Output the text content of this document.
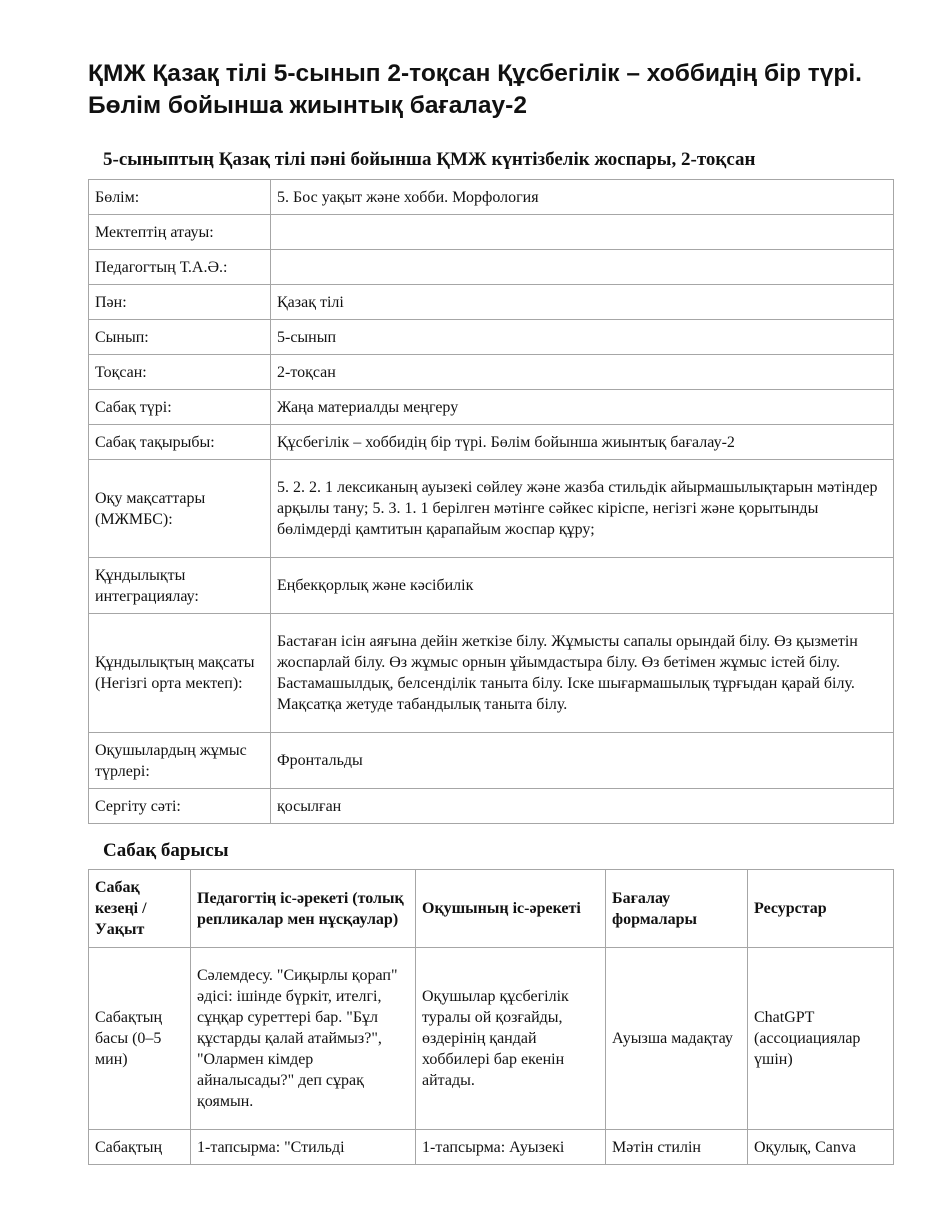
ҚМЖ Қазақ тілі 5-сынып 2-тоқсан Құсбегілік – хоббидің бір түрі. Бөлім бойынша жиынтық бағалау-2
5-сыныптың Қазақ тілі пәні бойынша ҚМЖ күнтізбелік жоспары, 2-тоқсан
Бөлім:	5. Бос уақыт және хобби. Морфология
Мектептің атауы:	
Педагогтың Т.А.Ә.:	
Пән:	Қазақ тілі
Сынып:	5-сынып
Тоқсан:	2-тоқсан
Сабақ түрі:	Жаңа материалды меңгеру
Сабақ тақырыбы:	Құсбегілік – хоббидің бір түрі. Бөлім бойынша жиынтық бағалау-2
Оқу мақсаттары (МЖМБС):	5. 2. 2. 1 лексиканың ауызекі сөйлеу және жазба стильдік айырмашылықтарын мәтіндер арқылы тану; 5. 3. 1. 1 берілген мәтінге сәйкес кіріспе, негізгі және қорытынды бөлімдерді қамтитын қарапайым жоспар құру;
Құндылықты интеграциялау:	Еңбекқорлық және кәсібилік
Құндылықтың мақсаты (Негізгі орта мектеп):	Бастаған ісін аяғына дейін жеткізе білу. Жұмысты сапалы орындай білу. Өз қызметін жоспарлай білу. Өз жұмыс орнын ұйымдастыра білу. Өз бетімен жұмыс істей білу. Бастамашылдық, белсенділік таныта білу. Іске шығармашылық тұрғыдан қарай білу. Мақсатқа жетуде табандылық таныта білу.
Оқушылардың жұмыс түрлері:	Фронтальды
Сергіту сәті:	қосылған
Сабақ барысы
Сабақ кезеңі / Уақыт	Педагогтің іс-әрекеті (толық репликалар мен нұсқаулар)	Оқушының іс-әрекеті	Бағалау формалары	Ресурстар
Сабақтың басы (0–5 мин)	Сәлемдесу. "Сиқырлы қорап" әдісі: ішінде бүркіт, ителгі, сұңқар суреттері бар. "Бұл құстарды қалай атаймыз?", "Олармен кімдер айналысады?" деп сұрақ қоямын.	Оқушылар құсбегілік туралы ой қозғайды, өздерінің қандай хоббилері бар екенін айтады.	Ауызша мадақтау	ChatGPT (ассоциациялар үшін)
Сабақтың	1-тапсырма: "Стильді	1-тапсырма: Ауызекі	Мәтін стилін	Оқулық, Canva
